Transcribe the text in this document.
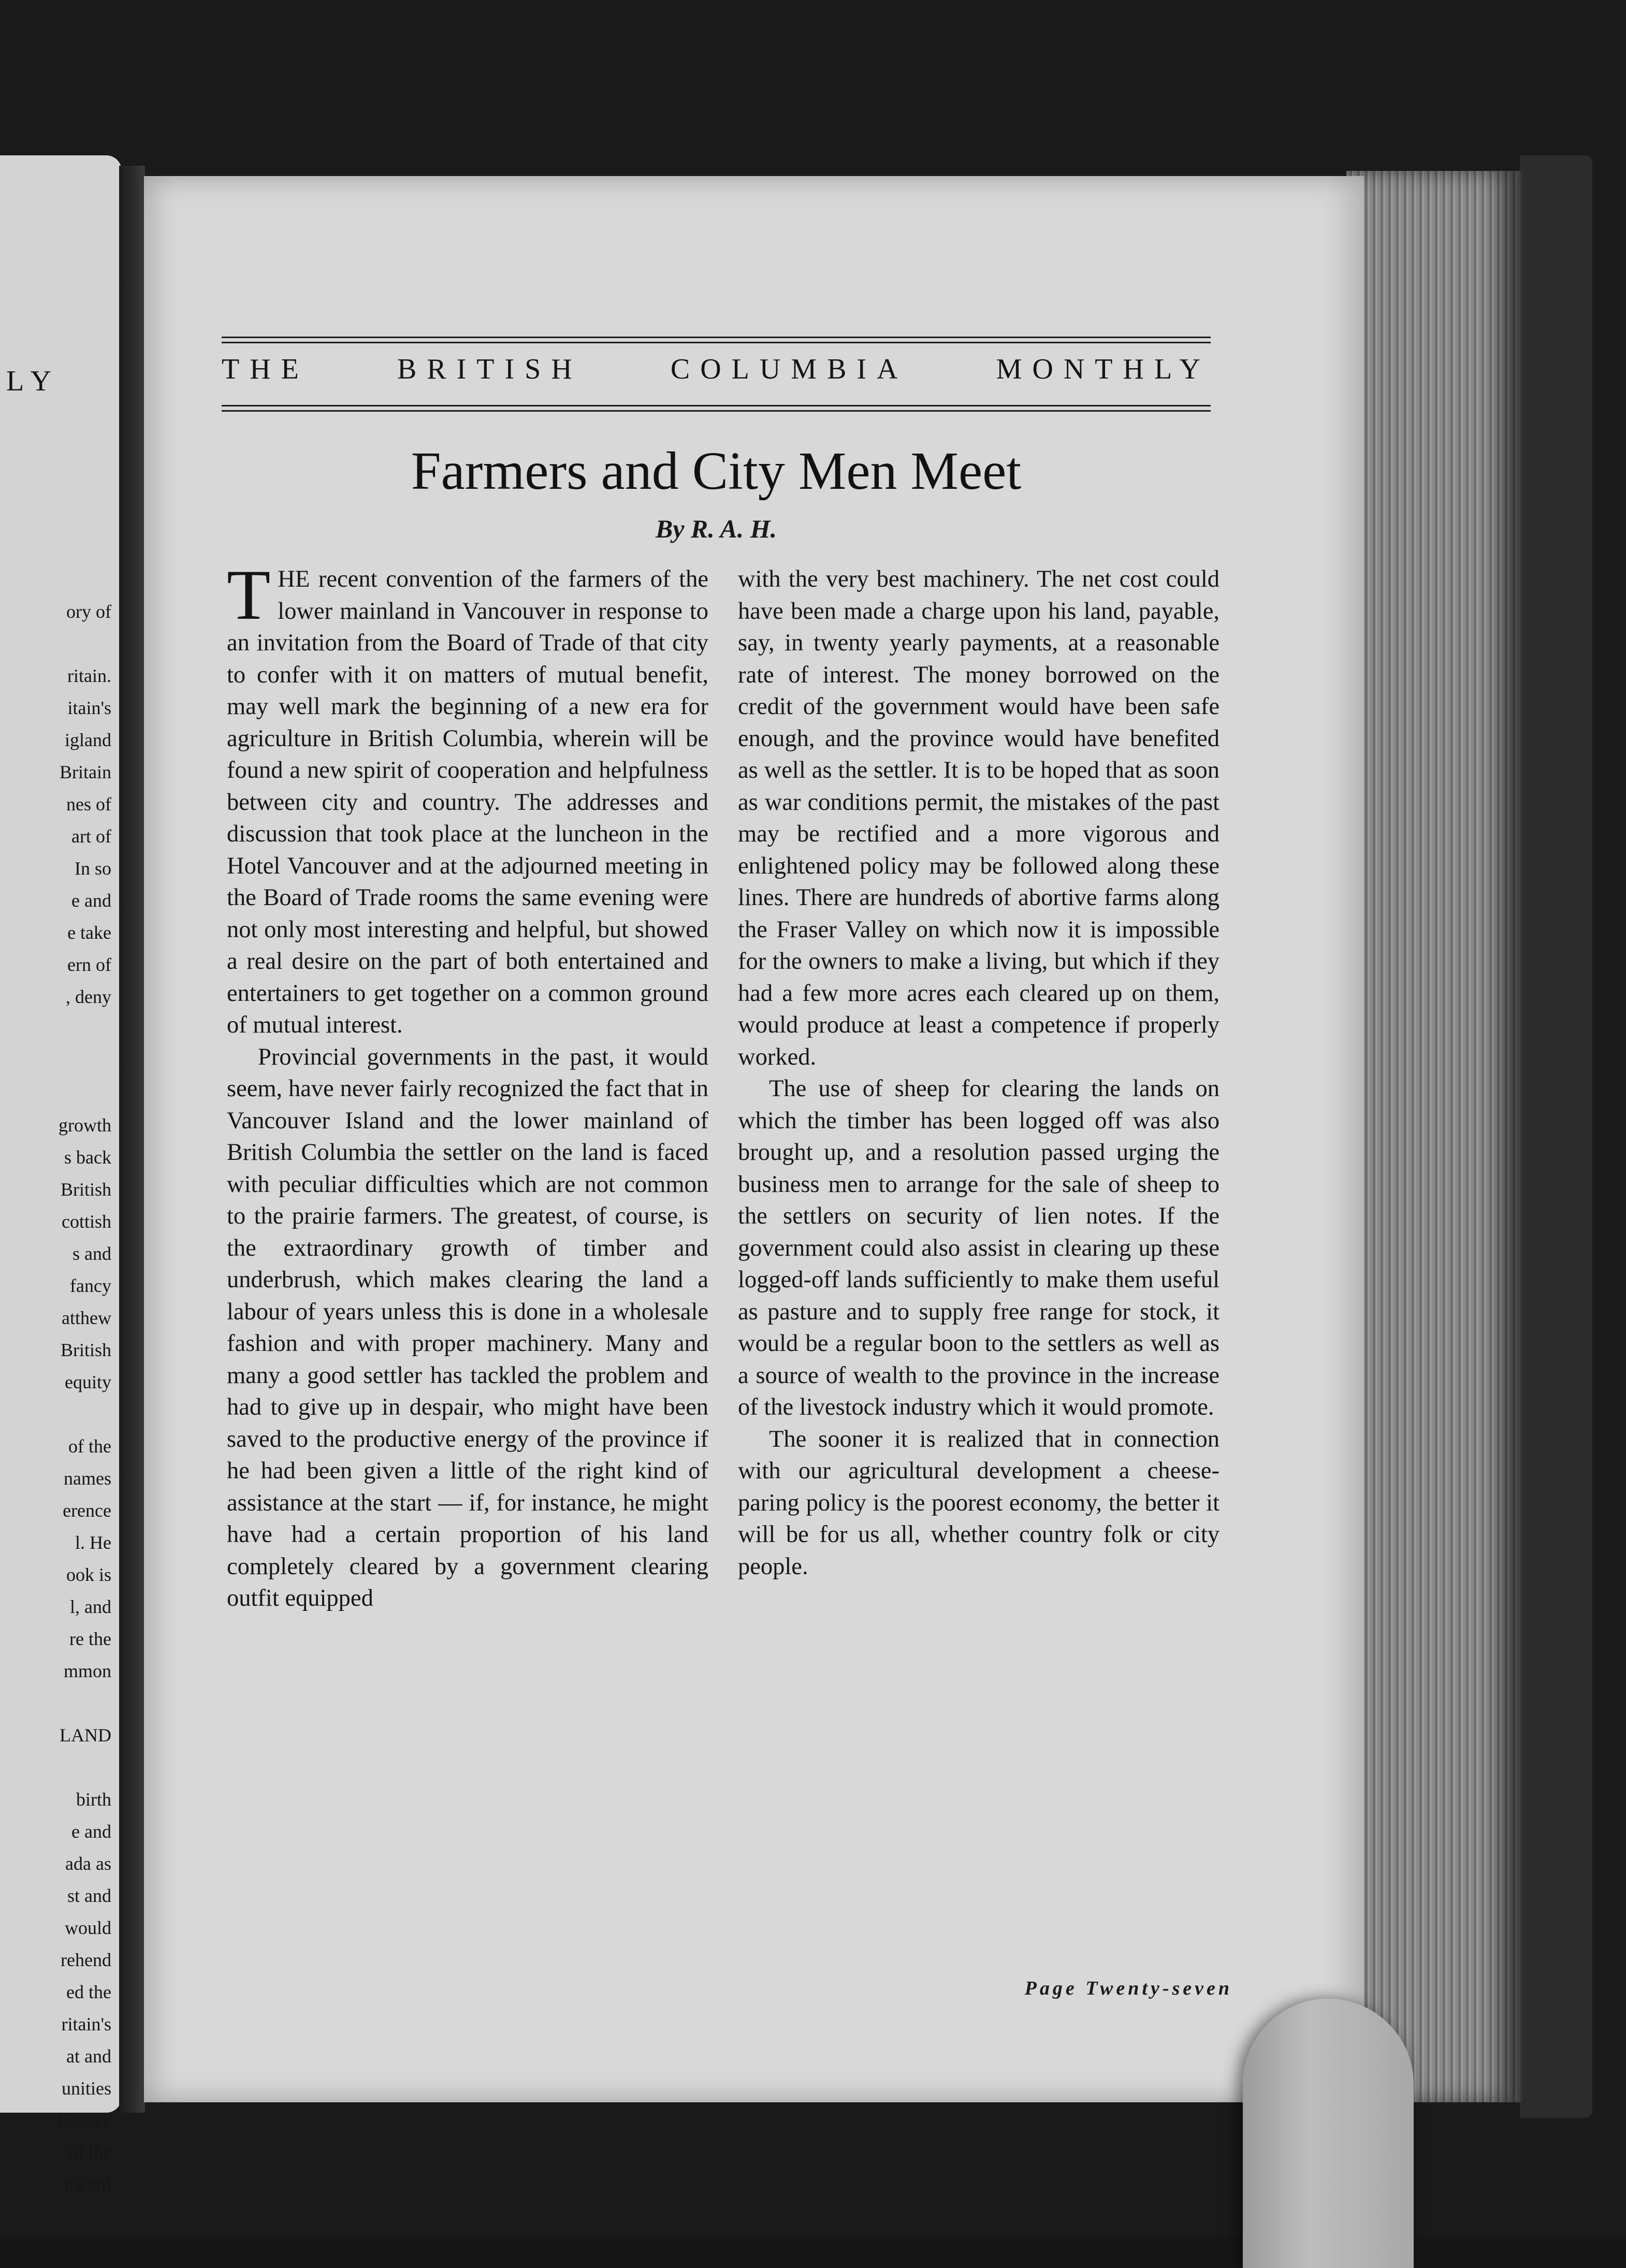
LY
ory of
ritain.
itain's
igland
Britain
nes of
art of
In so
e and
e take
ern of
, deny
growth
s back
British
cottish
s and
fancy
atthew
British
equity
of the
names
erence
l. He
ook is
l, and
re the
mmon
LAND
birth
e and
ada as
st and
would
rehend
ed the
ritain's
at and
unities
ficance
of the
itward
THE	BRITISH	COLUMBIA	MONTHLY
Farmers and City Men Meet
By R. A. H.

THE recent convention of the farmers of the lower mainland in Vancouver in response to an invitation from the Board of Trade of that city to confer with it on matters of mutual benefit, may well mark the beginning of a new era for agriculture in British Columbia, wherein will be found a new spirit of cooperation and helpfulness between city and country. The addresses and discussion that took place at the luncheon in the Hotel Vancouver and at the adjourned meeting in the Board of Trade rooms the same evening were not only most interesting and helpful, but showed a real desire on the part of both entertained and entertainers to get together on a common ground of mutual interest.

Provincial governments in the past, it would seem, have never fairly recognized the fact that in Vancouver Island and the lower mainland of British Columbia the settler on the land is faced with peculiar difficulties which are not common to the prairie farmers. The greatest, of course, is the extraordinary growth of timber and underbrush, which makes clearing the land a labour of years unless this is done in a wholesale fashion and with proper machinery. Many and many a good settler has tackled the problem and had to give up in despair, who might have been saved to the productive energy of the province if he had been given a little of the right kind of assistance at the start — if, for instance, he might have had a certain proportion of his land completely cleared by a government clearing outfit equipped

with the very best machinery. The net cost could have been made a charge upon his land, payable, say, in twenty yearly payments, at a reasonable rate of interest. The money borrowed on the credit of the government would have been safe enough, and the province would have benefited as well as the settler. It is to be hoped that as soon as war conditions permit, the mistakes of the past may be rectified and a more vigorous and enlightened policy may be followed along these lines. There are hundreds of abortive farms along the Fraser Valley on which now it is impossible for the owners to make a living, but which if they had a few more acres each cleared up on them, would produce at least a competence if properly worked.

The use of sheep for clearing the lands on which the timber has been logged off was also brought up, and a resolution passed urging the business men to arrange for the sale of sheep to the settlers on security of lien notes. If the government could also assist in clearing up these logged-off lands sufficiently to make them useful as pasture and to supply free range for stock, it would be a regular boon to the settlers as well as a source of wealth to the province in the increase of the livestock industry which it would promote.

The sooner it is realized that in connection with our agricultural development a cheese-paring policy is the poorest economy, the better it will be for us all, whether country folk or city people.

Page Twenty-seven
